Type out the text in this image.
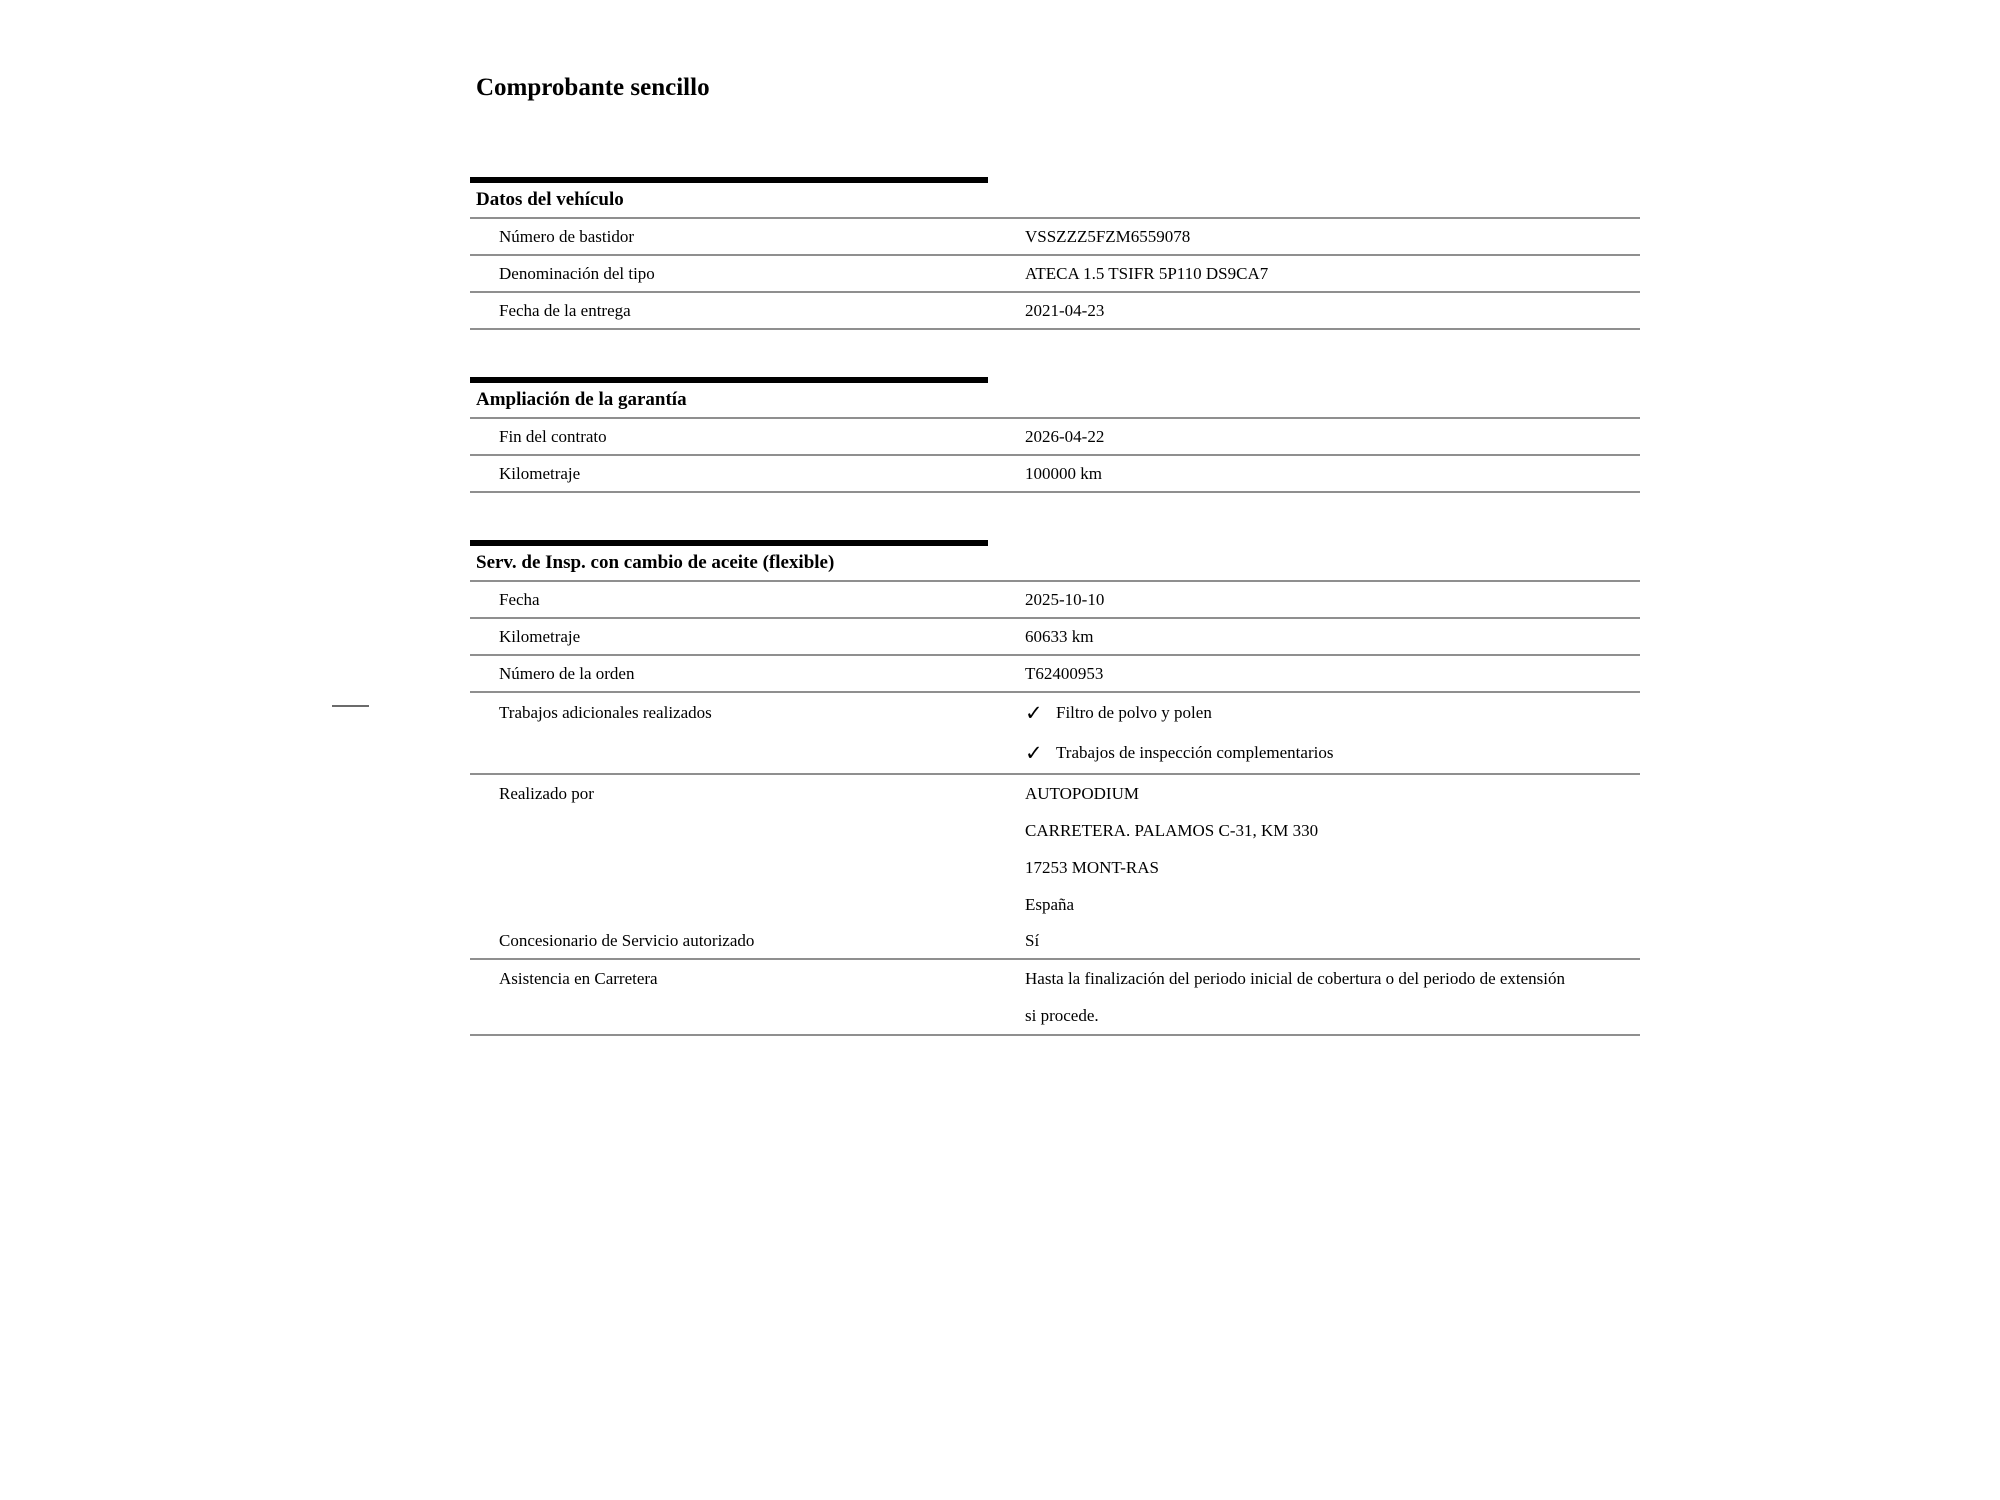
Comprobante sencillo
Datos del vehículo
Número de bastidor	VSSZZZ5FZM6559078
Denominación del tipo	ATECA 1.5 TSIFR 5P110 DS9CA7
Fecha de la entrega	2021-04-23
Ampliación de la garantía
Fin del contrato	2026-04-22
Kilometraje	100000 km
Serv. de Insp. con cambio de aceite (flexible)
Fecha	2025-10-10
Kilometraje	60633 km
Número de la orden	T62400953
Trabajos adicionales realizados	✓ Filtro de polvo y polen
✓ Trabajos de inspección complementarios
Realizado por	AUTOPODIUM
CARRETERA. PALAMOS C-31, KM 330
17253 MONT-RAS
España
Concesionario de Servicio autorizado	Sí
Asistencia en Carretera	Hasta la finalización del periodo inicial de cobertura o del periodo de extensión
si procede.
